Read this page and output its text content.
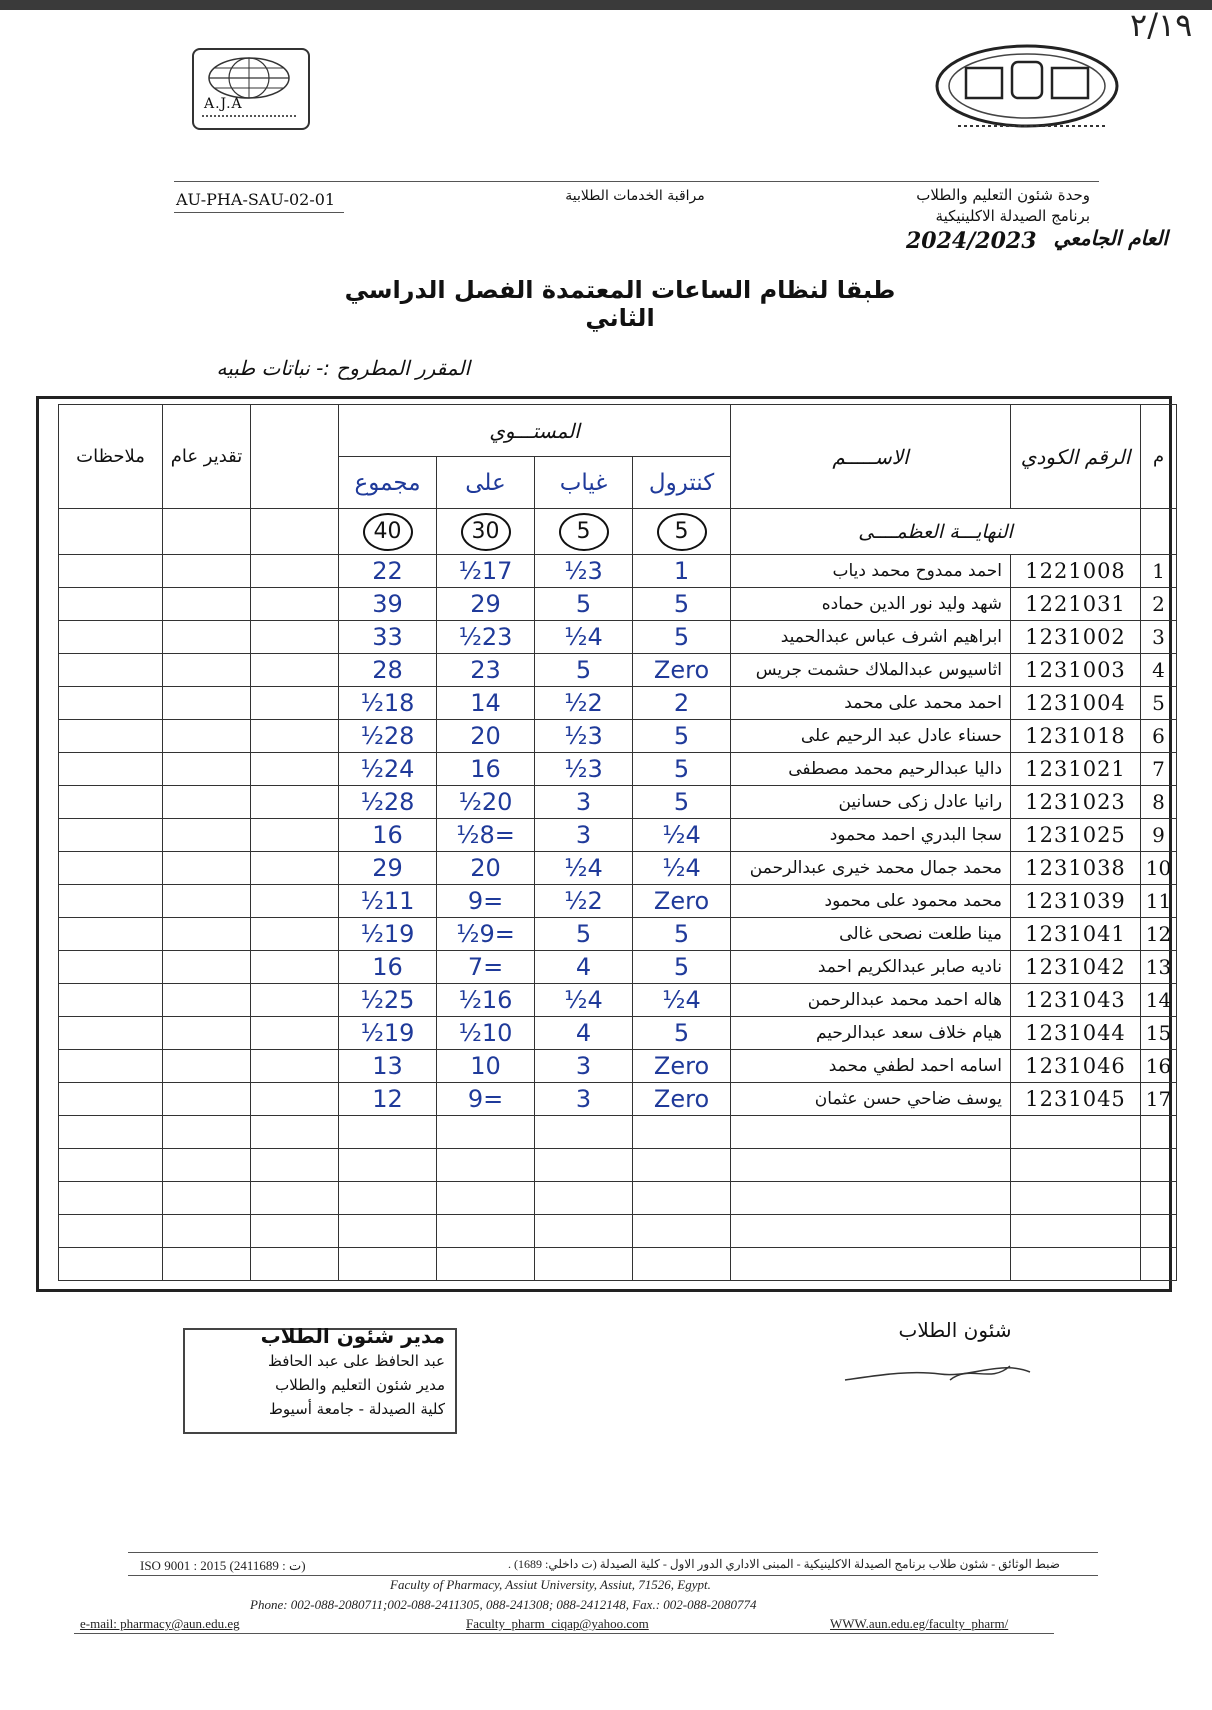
٢/١٩
A.J.A
وحدة شئون التعليم والطلاب
برنامج الصيدلة الاكلينيكية
مراقبة الخدمات الطلابية
AU-PHA-SAU-02-01
العام الجامعي
2024/2023
طبقا لنظام الساعات المعتمدة الفصل الدراسي الثاني
المقرر المطروح :- نباتات طبيه
م	الرقم الكودي	الاســـــم	المستـــوي					تقدير عام	ملاحظات
			كنترول	غياب	على	مجموع			
	النهايـــة العظمــــى		5	5	30	40			
1	1221008	احمد ممدوح محمد دياب	1	3½	17½	22			
2	1221031	شهد وليد نور الدين حماده	5	5	29	39			
3	1231002	ابراهيم اشرف عباس عبدالحميد	5	4½	23½	33			
4	1231003	اثاسيوس عبدالملاك حشمت جريس	Zero	5	23	28			
5	1231004	احمد محمد على محمد	2	2½	14	18½			
6	1231018	حسناء عادل عبد الرحيم على	5	3½	20	28½			
7	1231021	داليا عبدالرحيم محمد مصطفى	5	3½	16	24½			
8	1231023	رانيا عادل زكى حسانين	5	3	20½	28½			
9	1231025	سجا البدري احمد محمود	4½	3	=8½	16			
10	1231038	محمد جمال محمد خيرى عبدالرحمن	4½	4½	20	29			
11	1231039	محمد محمود على محمود	Zero	2½	=9	11½			
12	1231041	مينا طلعت نصحى غالى	5	5	=9½	19½			
13	1231042	ناديه صابر عبدالكريم احمد	5	4	=7	16			
14	1231043	هاله احمد محمد عبدالرحمن	4½	4½	16½	25½			
15	1231044	هيام خلاف سعد عبدالرحيم	5	4	10½	19½			
16	1231046	اسامه احمد لطفي محمد	Zero	3	10	13			
17	1231045	يوسف ضاحي حسن عثمان	Zero	3	=9	12			

شئون الطلاب
مدير شئون الطلاب
عبد الحافظ على عبد الحافظ
مدير شئون التعليم والطلاب
كلية الصيدلة - جامعة أسيوط
ضبط الوثائق - شئون طلاب برنامج الصيدلة الاكلينيكية - المبنى الاداري الدور الاول - كلية الصيدلة (ت داخلي: 1689) .
ISO 9001 : 2015 (2411689 : ت)
Faculty of Pharmacy, Assiut University, Assiut, 71526, Egypt.
Phone: 002-088-2080711;002-088-2411305, 088-241308; 088-2412148, Fax.: 002-088-2080774
e-mail: pharmacy@aun.edu.eg	Faculty_pharm_ciqap@yahoo.com	WWW.aun.edu.eg/faculty_pharm/
